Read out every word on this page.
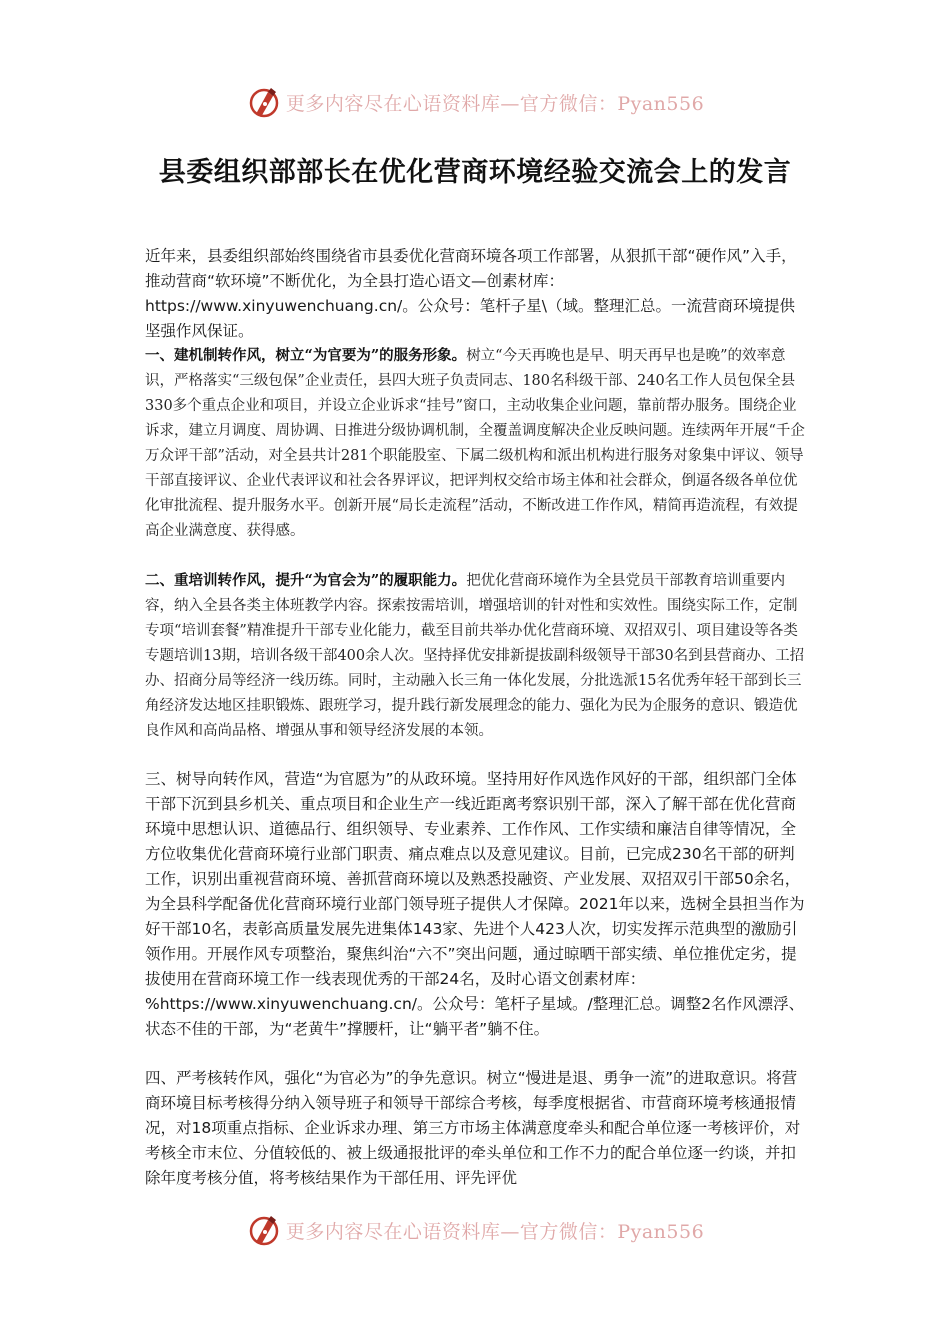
更多内容尽在心语资料库—官方微信：Pyan556
县委组织部部长在优化营商环境经验交流会上的发言

近年来，县委组织部始终围绕省市县委优化营商环境各项工作部署，从狠抓干部“硬作风”入手，推动营商“软环境”不断优化，为全县打造心语文—创素材库：https://www.xinyuwenchuang.cn/。公众号：笔杆子星\（域。整理汇总。一流营商环境提供坚强作风保证。

一、建机制转作风，树立“为官要为”的服务形象。树立“今天再晚也是早、明天再早也是晚”的效率意识，严格落实“三级包保”企业责任，县四大班子负责同志、180名科级干部、240名工作人员包保全县330多个重点企业和项目，并设立企业诉求“挂号”窗口，主动收集企业问题，靠前帮办服务。围绕企业诉求，建立月调度、周协调、日推进分级协调机制，全覆盖调度解决企业反映问题。连续两年开展“千企万众评干部”活动，对全县共计281个职能股室、下属二级机构和派出机构进行服务对象集中评议、领导干部直接评议、企业代表评议和社会各界评议，把评判权交给市场主体和社会群众，倒逼各级各单位优化审批流程、提升服务水平。创新开展“局长走流程”活动，不断改进工作作风，精简再造流程，有效提高企业满意度、获得感。

二、重培训转作风，提升“为官会为”的履职能力。把优化营商环境作为全县党员干部教育培训重要内容，纳入全县各类主体班教学内容。探索按需培训，增强培训的针对性和实效性。围绕实际工作，定制专项“培训套餐”精准提升干部专业化能力，截至目前共举办优化营商环境、双招双引、项目建设等各类专题培训13期，培训各级干部400余人次。坚持择优安排新提拔副科级领导干部30名到县营商办、工招办、招商分局等经济一线历练。同时，主动融入长三角一体化发展，分批选派15名优秀年轻干部到长三角经济发达地区挂职锻炼、跟班学习，提升践行新发展理念的能力、强化为民为企服务的意识、锻造优良作风和高尚品格、增强从事和领导经济发展的本领。

三、树导向转作风，营造“为官愿为”的从政环境。坚持用好作风选作风好的干部，组织部门全体干部下沉到县乡机关、重点项目和企业生产一线近距离考察识别干部，深入了解干部在优化营商环境中思想认识、道德品行、组织领导、专业素养、工作作风、工作实绩和廉洁自律等情况，全方位收集优化营商环境行业部门职责、痛点难点以及意见建议。目前，已完成230名干部的研判工作，识别出重视营商环境、善抓营商环境以及熟悉投融资、产业发展、双招双引干部50余名，为全县科学配备优化营商环境行业部门领导班子提供人才保障。2021年以来，选树全县担当作为好干部10名，表彰高质量发展先进集体143家、先进个人423人次，切实发挥示范典型的激励引领作用。开展作风专项整治，聚焦纠治“六不”突出问题，通过晾晒干部实绩、单位推优定劣，提拔使用在营商环境工作一线表现优秀的干部24名，及时心语文创素材库：%https://www.xinyuwenchuang.cn/。公众号：笔杆子星域。/整理汇总。调整2名作风漂浮、状态不佳的干部，为“老黄牛”撑腰杆，让“躺平者”躺不住。

四、严考核转作风，强化“为官必为”的争先意识。树立“慢进是退、勇争一流”的进取意识。将营商环境目标考核得分纳入领导班子和领导干部综合考核，每季度根据省、市营商环境考核通报情况，对18项重点指标、企业诉求办理、第三方市场主体满意度牵头和配合单位逐一考核评价，对考核全市末位、分值较低的、被上级通报批评的牵头单位和工作不力的配合单位逐一约谈，并扣除年度考核分值，将考核结果作为干部任用、评先评优

更多内容尽在心语资料库—官方微信：Pyan556
